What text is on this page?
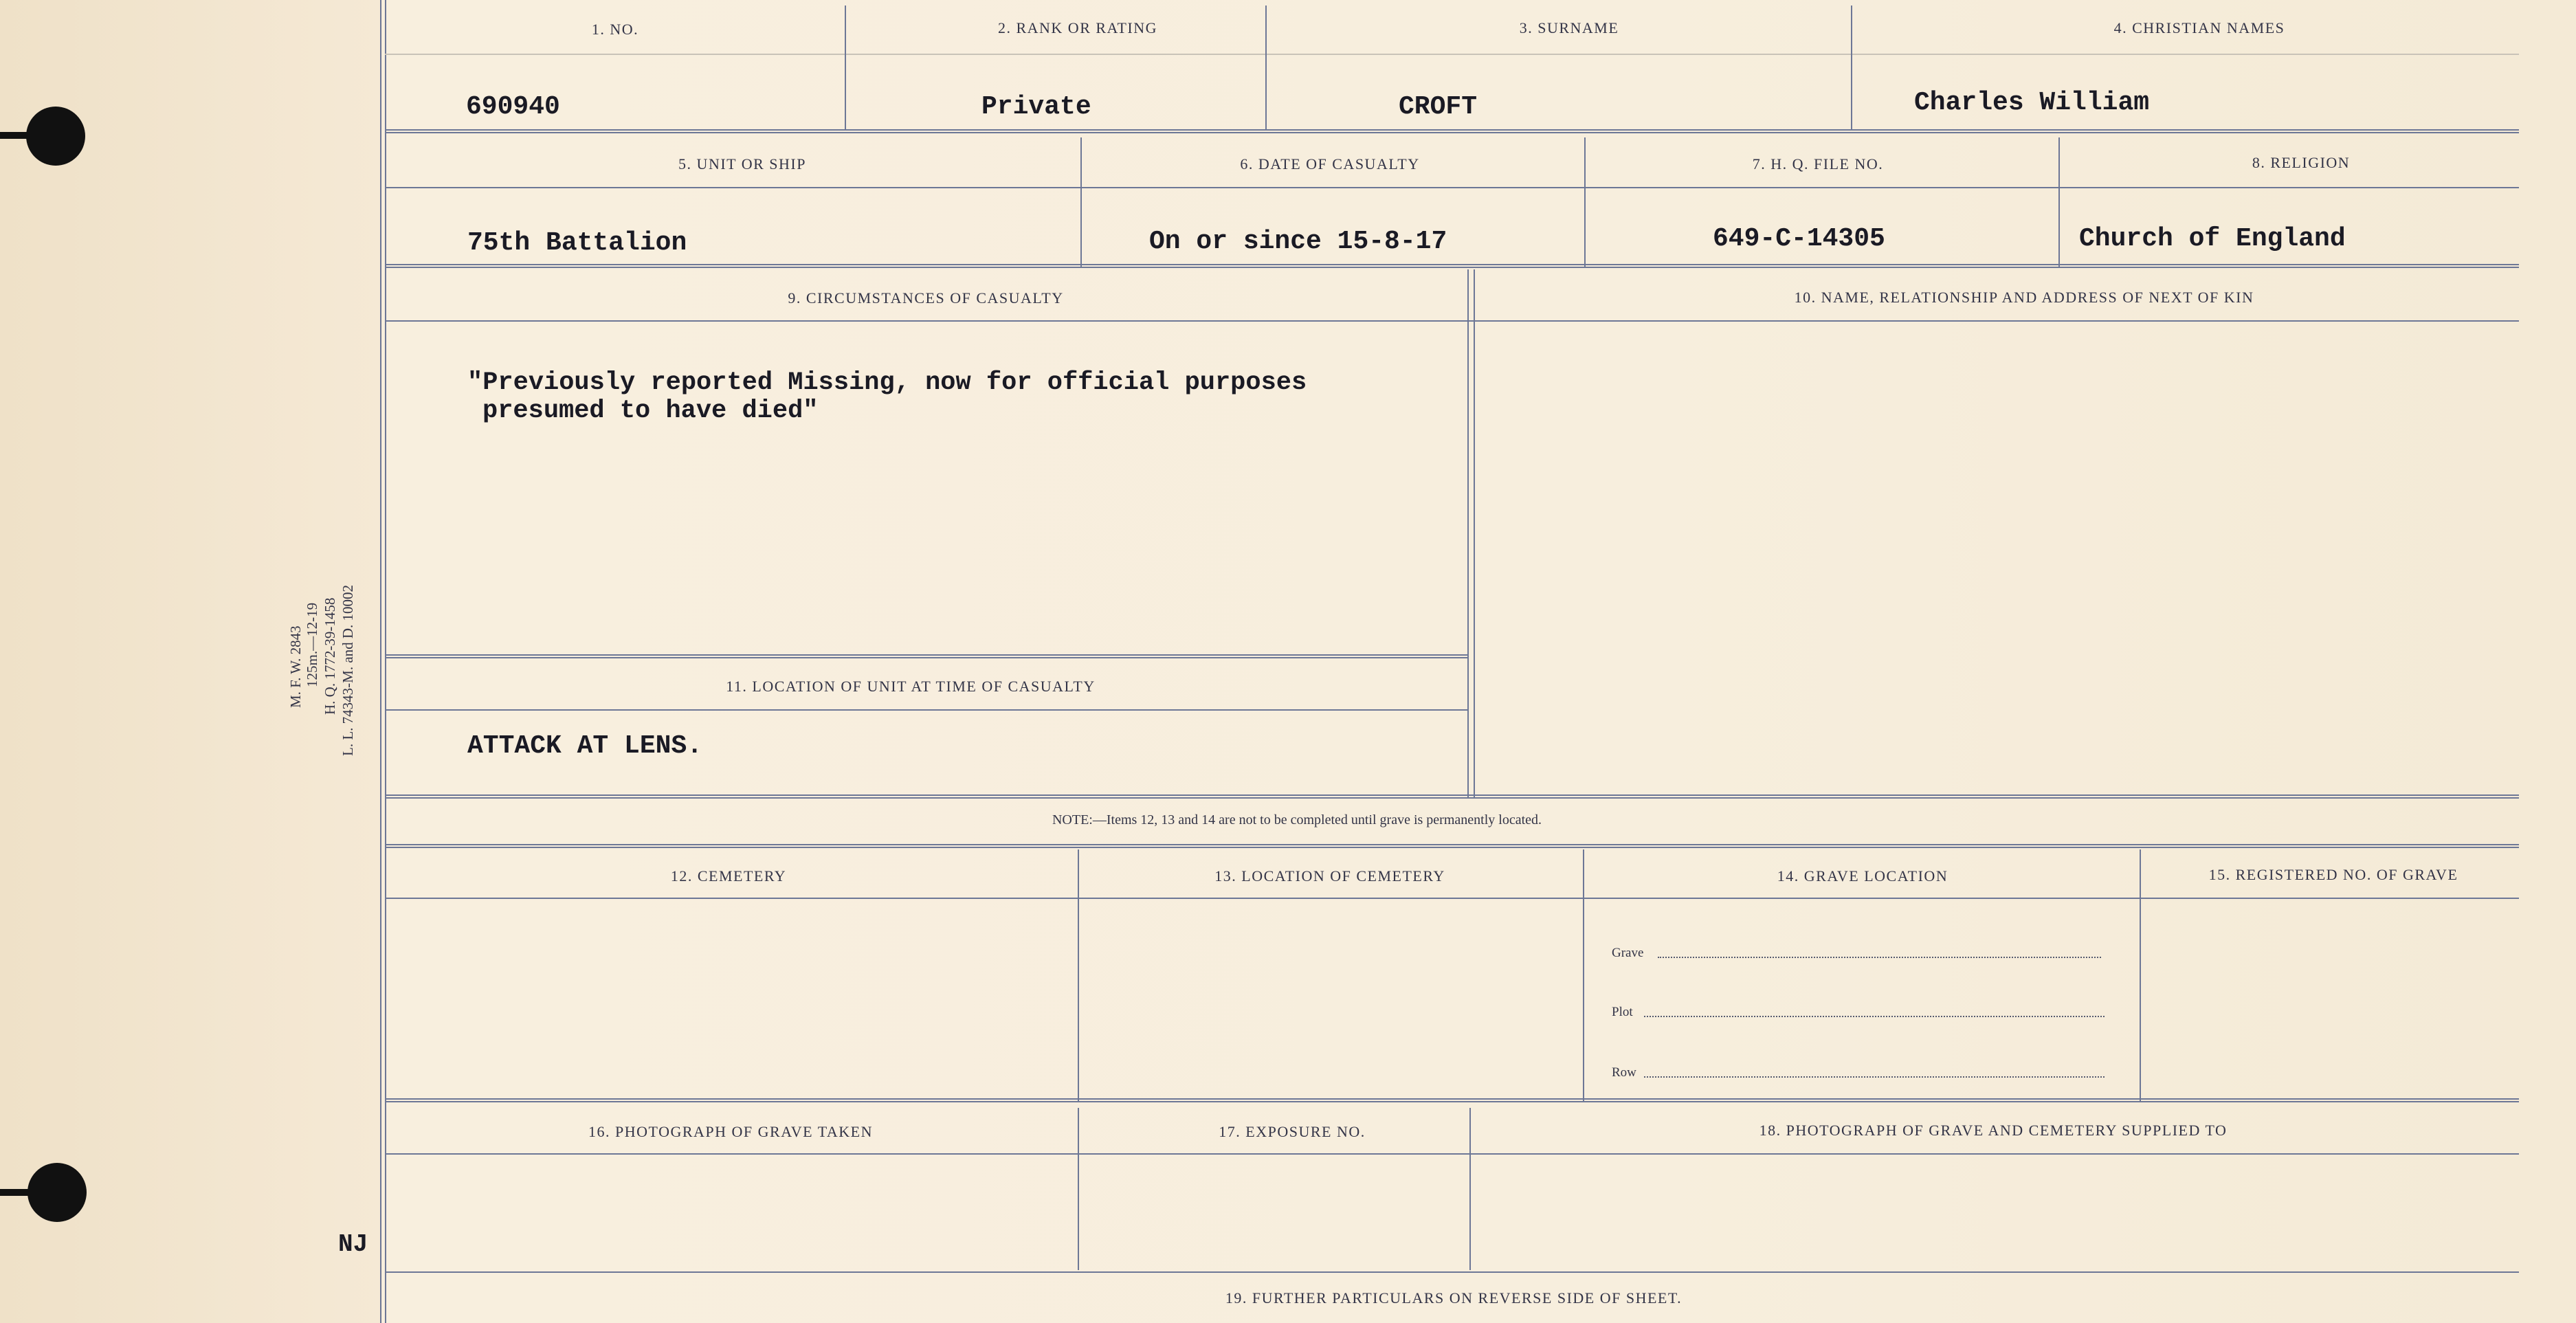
M. F. W. 2843 125m.—12-19 H. Q. 1772-39-1458 L. L. 74343-M. and D. 10002
NJ
1. NO.	2. RANK OR RATING	3. SURNAME	4. CHRISTIAN NAMES
690940	Private	CROFT	Charles William
5. UNIT OR SHIP	6. DATE OF CASUALTY	7. H. Q. FILE NO.	8. RELIGION
75th Battalion	On or since 15-8-17	649-C-14305	Church of England
9. CIRCUMSTANCES OF CASUALTY	10. NAME, RELATIONSHIP AND ADDRESS OF NEXT OF KIN
"Previously reported Missing, now for official purposes
presumed to have died"
11. LOCATION OF UNIT AT TIME OF CASUALTY
ATTACK AT LENS.
NOTE:—Items 12, 13 and 14 are not to be completed until grave is permanently located.
12. CEMETERY	13. LOCATION OF CEMETERY	14. GRAVE LOCATION	15. REGISTERED NO. OF GRAVE
Grave
Plot
Row
16. PHOTOGRAPH OF GRAVE TAKEN	17. EXPOSURE NO.	18. PHOTOGRAPH OF GRAVE AND CEMETERY SUPPLIED TO
19. FURTHER PARTICULARS ON REVERSE SIDE OF SHEET.
